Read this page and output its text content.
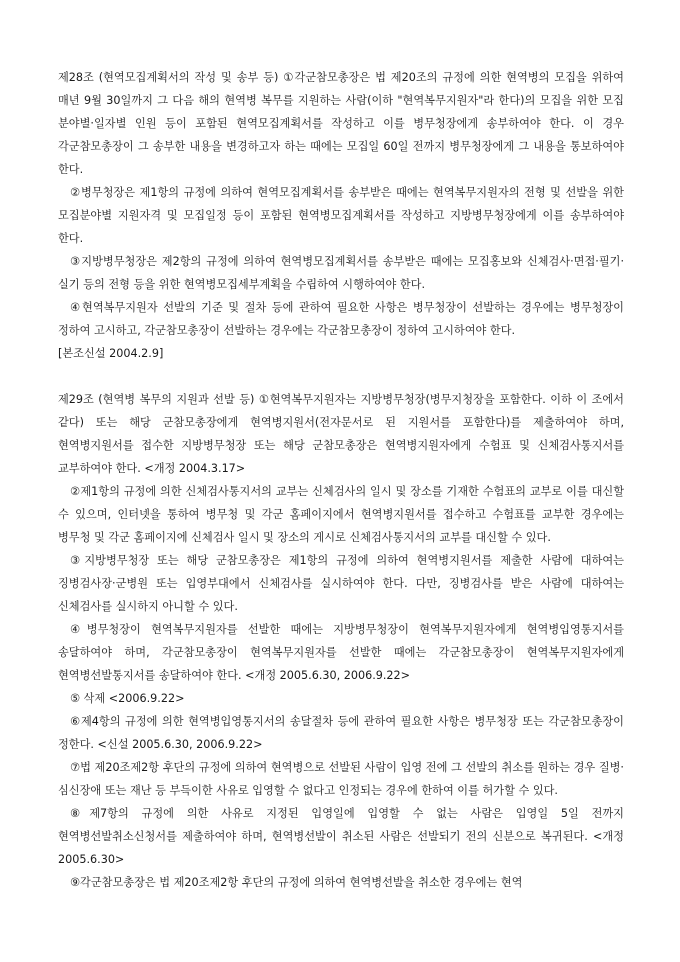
제28조 (현역모집계획서의 작성 및 송부 등) ①각군참모총장은 법 제20조의 규정에 의한 현역병의 모집을 위하여 매년 9월 30일까지 그 다음 해의 현역병 복무를 지원하는 사람(이하 "현역복무지원자"라 한다)의 모집을 위한 모집 분야별·일자별 인원 등이 포함된 현역모집계획서를 작성하고 이를 병무청장에게 송부하여야 한다. 이 경우 각군참모총장이 그 송부한 내용을 변경하고자 하는 때에는 모집일 60일 전까지 병무청장에게 그 내용을 통보하여야 한다.

②병무청장은 제1항의 규정에 의하여 현역모집계획서를 송부받은 때에는 현역복무지원자의 전형 및 선발을 위한 모집분야별 지원자격 및 모집일정 등이 포함된 현역병모집계획서를 작성하고 지방병무청장에게 이를 송부하여야 한다.

③지방병무청장은 제2항의 규정에 의하여 현역병모집계획서를 송부받은 때에는 모집홍보와 신체검사·면접·필기·실기 등의 전형 등을 위한 현역병모집세부계획을 수립하여 시행하여야 한다.

④현역복무지원자 선발의 기준 및 절차 등에 관하여 필요한 사항은 병무청장이 선발하는 경우에는 병무청장이 정하여 고시하고, 각군참모총장이 선발하는 경우에는 각군참모총장이 정하여 고시하여야 한다.

[본조신설 2004.2.9]

제29조 (현역병 복무의 지원과 선발 등) ①현역복무지원자는 지방병무청장(병무지청장을 포함한다. 이하 이 조에서 같다) 또는 해당 군참모총장에게 현역병지원서(전자문서로 된 지원서를 포함한다)를 제출하여야 하며, 현역병지원서를 접수한 지방병무청장 또는 해당 군참모총장은 현역병지원자에게 수험표 및 신체검사통지서를 교부하여야 한다. <개정 2004.3.17>

②제1항의 규정에 의한 신체검사통지서의 교부는 신체검사의 일시 및 장소를 기재한 수험표의 교부로 이를 대신할 수 있으며, 인터넷을 통하여 병무청 및 각군 홈페이지에서 현역병지원서를 접수하고 수험표를 교부한 경우에는 병무청 및 각군 홈페이지에 신체검사 일시 및 장소의 게시로 신체검사통지서의 교부를 대신할 수 있다.

③지방병무청장 또는 해당 군참모총장은 제1항의 규정에 의하여 현역병지원서를 제출한 사람에 대하여는 징병검사장·군병원 또는 입영부대에서 신체검사를 실시하여야 한다. 다만, 징병검사를 받은 사람에 대하여는 신체검사를 실시하지 아니할 수 있다.

④병무청장이 현역복무지원자를 선발한 때에는 지방병무청장이 현역복무지원자에게 현역병입영통지서를 송달하여야 하며, 각군참모총장이 현역복무지원자를 선발한 때에는 각군참모총장이 현역복무지원자에게 현역병선발통지서를 송달하여야 한다. <개정 2005.6.30, 2006.9.22>

⑤ 삭제 <2006.9.22>

⑥제4항의 규정에 의한 현역병입영통지서의 송달절차 등에 관하여 필요한 사항은 병무청장 또는 각군참모총장이 정한다. <신설 2005.6.30, 2006.9.22>

⑦법 제20조제2항 후단의 규정에 의하여 현역병으로 선발된 사람이 입영 전에 그 선발의 취소를 원하는 경우 질병·심신장애 또는 재난 등 부득이한 사유로 입영할 수 없다고 인정되는 경우에 한하여 이를 허가할 수 있다.

⑧제7항의 규정에 의한 사유로 지정된 입영일에 입영할 수 없는 사람은 입영일 5일 전까지 현역병선발취소신청서를 제출하여야 하며, 현역병선발이 취소된 사람은 선발되기 전의 신분으로 복귀된다. <개정 2005.6.30>

⑨각군참모총장은 법 제20조제2항 후단의 규정에 의하여 현역병선발을 취소한 경우에는 현역
